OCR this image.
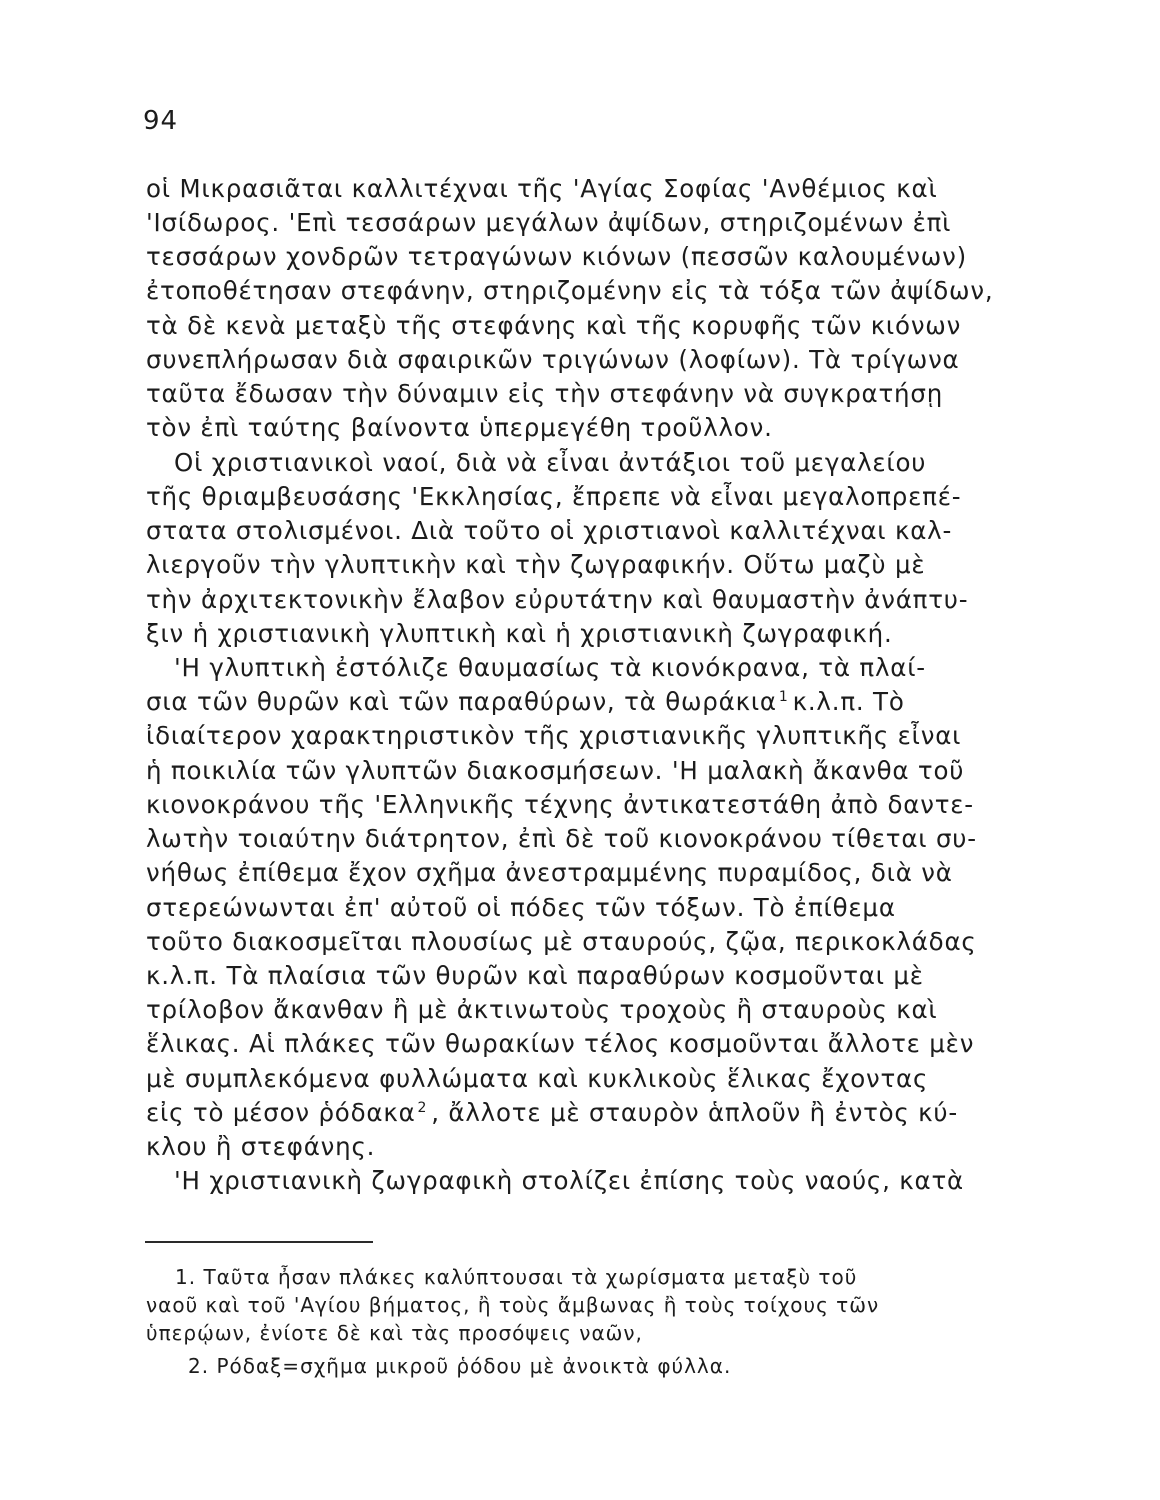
94
οἱ Μικρασιᾶται καλλιτέχναι τῆς 'Αγίας Σοφίας 'Ανθέμιος καὶ
'Ισίδωρος. 'Επὶ τεσσάρων μεγάλων ἀψίδων, στηριζομένων ἐπὶ
τεσσάρων χονδρῶν τετραγώνων κιόνων (πεσσῶν καλουμένων)
ἐτοποθέτησαν στεφάνην, στηριζομένην εἰς τὰ τόξα τῶν ἀψίδων,
τὰ δὲ κενὰ μεταξὺ τῆς στεφάνης καὶ τῆς κορυφῆς τῶν κιόνων
συνεπλήρωσαν διὰ σφαιρικῶν τριγώνων (λοφίων). Τὰ τρίγωνα
ταῦτα ἔδωσαν τὴν δύναμιν εἰς τὴν στεφάνην νὰ συγκρατήσῃ
τὸν ἐπὶ ταύτης βαίνοντα ὑπερμεγέθη τροῦλλον.
Οἱ χριστιανικοὶ ναοί, διὰ νὰ εἶναι ἀντάξιοι τοῦ μεγαλείου
τῆς θριαμβευσάσης 'Εκκλησίας, ἔπρεπε νὰ εἶναι μεγαλοπρεπέ-
στατα στολισμένοι. Διὰ τοῦτο οἱ χριστιανοὶ καλλιτέχναι καλ-
λιεργοῦν τὴν γλυπτικὴν καὶ τὴν ζωγραφικήν. Οὕτω μαζὺ μὲ
τὴν ἀρχιτεκτονικὴν ἔλαβον εὐρυτάτην καὶ θαυμαστὴν ἀνάπτυ-
ξιν ἡ χριστιανικὴ γλυπτικὴ καὶ ἡ χριστιανικὴ ζωγραφική.
'Η γλυπτικὴ ἐστόλιζε θαυμασίως τὰ κιονόκρανα, τὰ πλαί-
σια τῶν θυρῶν καὶ τῶν παραθύρων, τὰ θωράκια $^1$ κ.λ.π. Τὸ
ἰδιαίτερον χαρακτηριστικὸν τῆς χριστιανικῆς γλυπτικῆς εἶναι
ἡ ποικιλία τῶν γλυπτῶν διακοσμήσεων. 'Η μαλακὴ ἄκανθα τοῦ
κιονοκράνου τῆς 'Ελληνικῆς τέχνης ἀντικατεστάθη ἀπὸ δαντε-
λωτὴν τοιαύτην διάτρητον, ἐπὶ δὲ τοῦ κιονοκράνου τίθεται συ-
νήθως ἐπίθεμα ἔχον σχῆμα ἀνεστραμμένης πυραμίδος, διὰ νὰ
στερεώνωνται ἐπ' αὐτοῦ οἱ πόδες τῶν τόξων. Τὸ ἐπίθεμα
τοῦτο διακοσμεῖται πλουσίως μὲ σταυρούς, ζῷα, περικοκλάδας
κ.λ.π. Τὰ πλαίσια τῶν θυρῶν καὶ παραθύρων κοσμοῦνται μὲ
τρίλοβον ἄκανθαν ἢ μὲ ἀκτινωτοὺς τροχοὺς ἢ σταυροὺς καὶ
ἕλικας. Αἱ πλάκες τῶν θωρακίων τέλος κοσμοῦνται ἄλλοτε μὲν
μὲ συμπλεκόμενα φυλλώματα καὶ κυκλικοὺς ἕλικας ἔχοντας
εἰς τὸ μέσον ῥόδακα $^2$ , ἄλλοτε μὲ σταυρὸν ἁπλοῦν ἢ ἐντὸς κύ-
κλου ἢ στεφάνης.
'Η χριστιανικὴ ζωγραφικὴ στολίζει ἐπίσης τοὺς ναούς, κατὰ
1. Ταῦτα ἦσαν πλάκες καλύπτουσαι τὰ χωρίσματα μεταξὺ τοῦ
ναοῦ καὶ τοῦ 'Αγίου βήματος, ἢ τοὺς ἄμβωνας ἢ τοὺς τοίχους τῶν
ὑπερῴων, ἐνίοτε δὲ καὶ τὰς προσόψεις ναῶν,
2. Ρόδαξ=σχῆμα μικροῦ ῥόδου μὲ ἀνοικτὰ φύλλα.
